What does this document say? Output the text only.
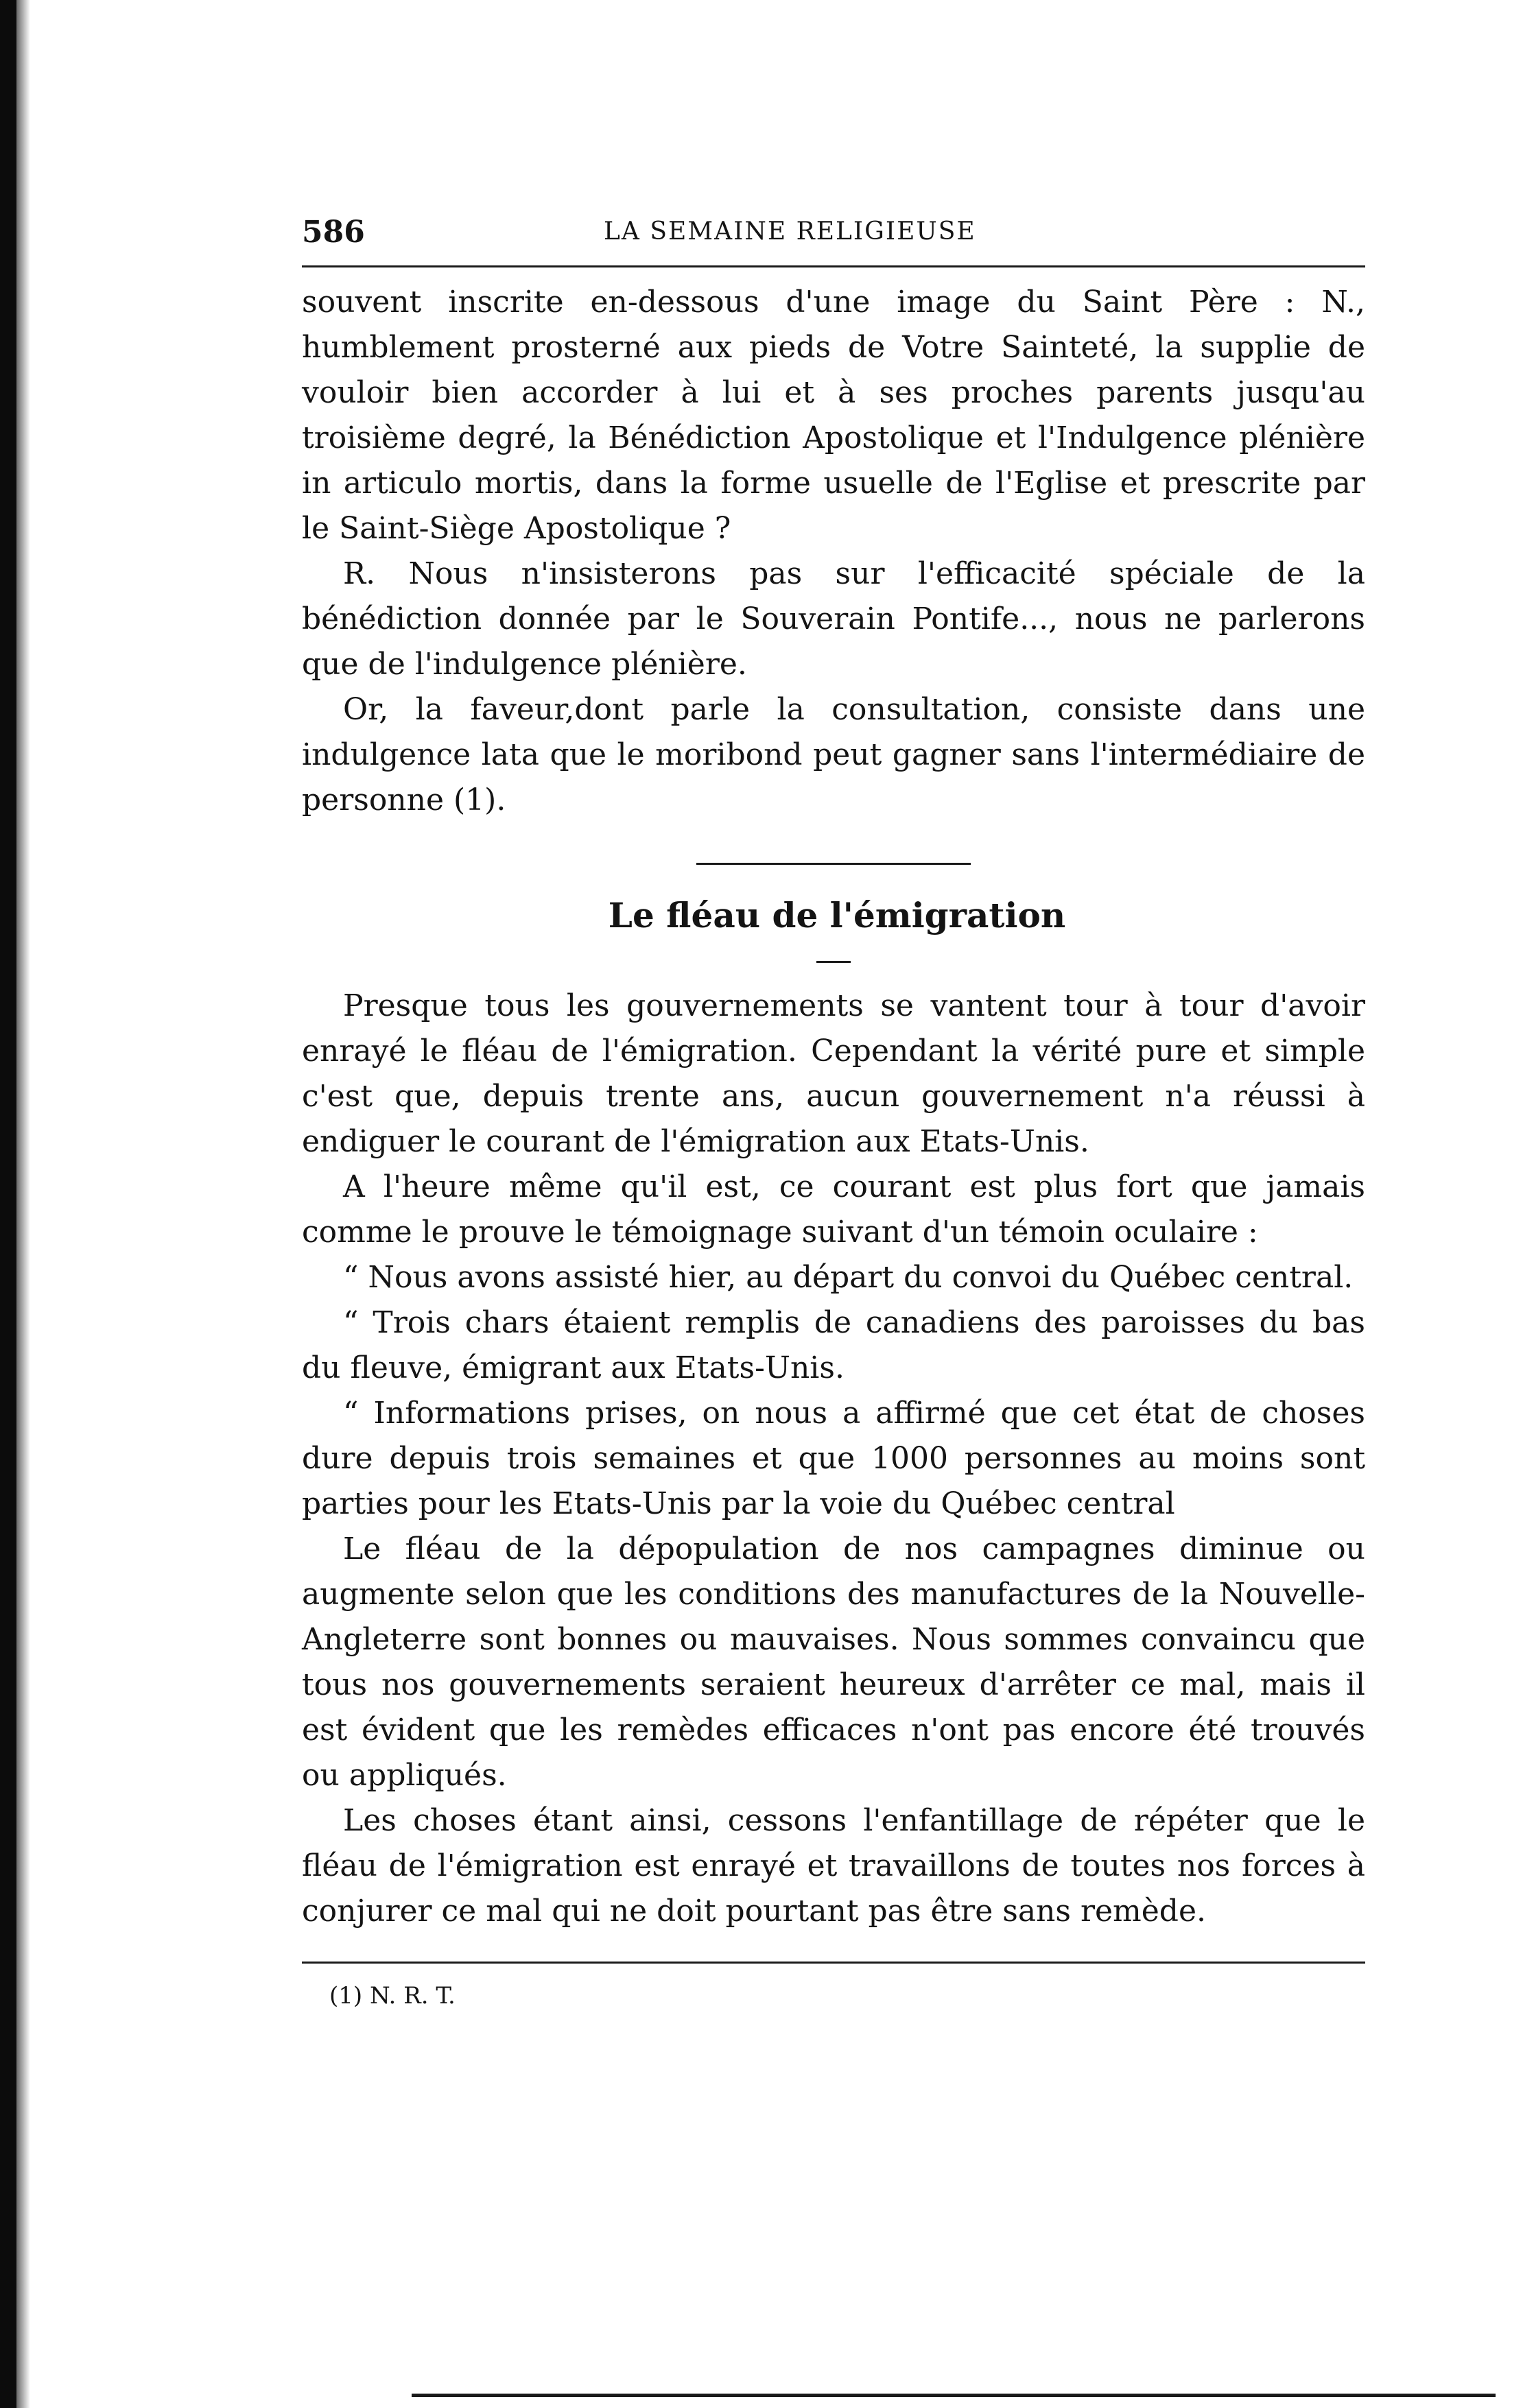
586	LA SEMAINE RELIGIEUSE

souvent inscrite en-dessous d'une image du Saint Père : N., humblement prosterné aux pieds de Votre Sainteté, la supplie de vouloir bien accorder à lui et à ses proches parents jusqu'au troisième degré, la Bénédiction Apostolique et l'Indulgence plénière in articulo mortis, dans la forme usuelle de l'Eglise et prescrite par le Saint-Siège Apostolique ?

R. Nous n'insisterons pas sur l'efficacité spéciale de la bénédiction donnée par le Souverain Pontife..., nous ne parlerons que de l'indulgence plénière.

Or, la faveur,dont parle la consultation, consiste dans une indulgence lata que le moribond peut gagner sans l'intermédiaire de personne (1).

Le fléau de l'émigration

Presque tous les gouvernements se vantent tour à tour d'avoir enrayé le fléau de l'émigration. Cependant la vérité pure et simple c'est que, depuis trente ans, aucun gouvernement n'a réussi à endiguer le courant de l'émigration aux Etats-Unis.

A l'heure même qu'il est, ce courant est plus fort que jamais comme le prouve le témoignage suivant d'un témoin oculaire :

“ Nous avons assisté hier, au départ du convoi du Québec central.

“ Trois chars étaient remplis de canadiens des paroisses du bas du fleuve, émigrant aux Etats-Unis.

“ Informations prises, on nous a affirmé que cet état de choses dure depuis trois semaines et que 1000 personnes au moins sont parties pour les Etats-Unis par la voie du Québec central

Le fléau de la dépopulation de nos campagnes diminue ou augmente selon que les conditions des manufactures de la Nouvelle-Angleterre sont bonnes ou mauvaises. Nous sommes convaincu que tous nos gouvernements seraient heureux d'arrêter ce mal, mais il est évident que les remèdes efficaces n'ont pas encore été trouvés ou appliqués.

Les choses étant ainsi, cessons l'enfantillage de répéter que le fléau de l'émigration est enrayé et travaillons de toutes nos forces à conjurer ce mal qui ne doit pourtant pas être sans remède.

(1) N. R. T.
